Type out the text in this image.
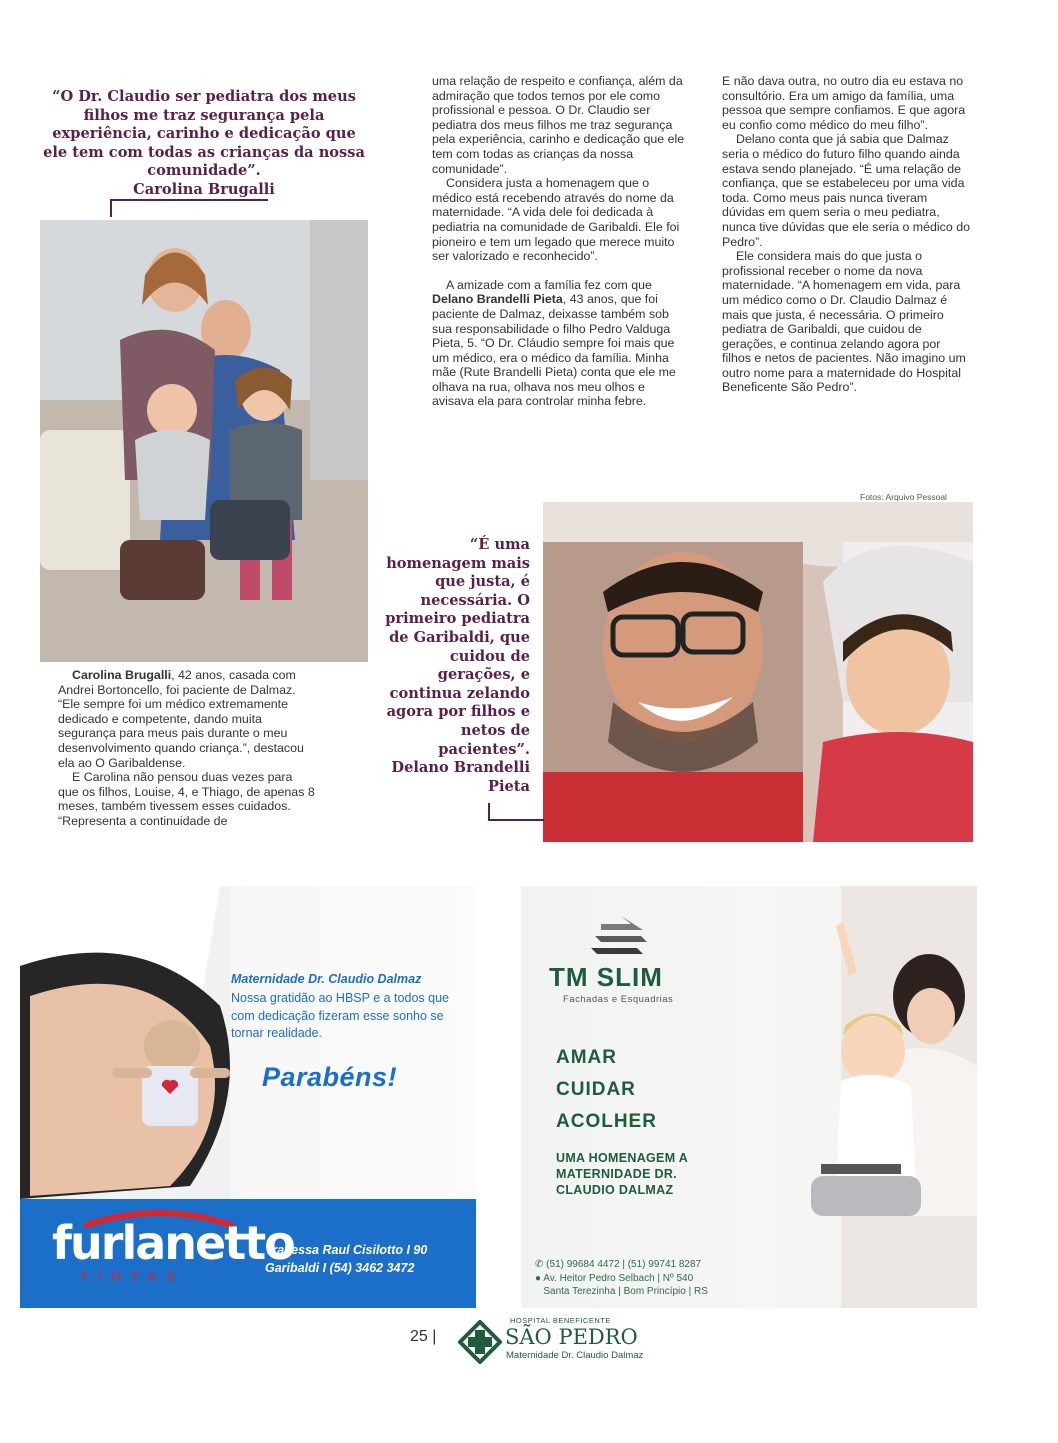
“O Dr. Claudio ser pediatra dos meus filhos me traz segurança pela experiência, carinho e dedicação que ele tem com todas as crianças da nossa comunidade”.
Carolina Brugalli

uma relação de respeito e confiança, além da admiração que todos temos por ele como profissional e pessoa. O Dr. Claudio ser pediatra dos meus filhos me traz segurança pela experiência, carinho e dedicação que ele tem com todas as crianças da nossa comunidade”.

Considera justa a homenagem que o médico está recebendo através do nome da maternidade. “A vida dele foi dedicada à pediatria na comunidade de Garibaldi. Ele foi pioneiro e tem um legado que merece muito ser valorizado e reconhecido”.

A amizade com a família fez com que Delano Brandelli Pieta, 43 anos, que foi paciente de Dalmaz, deixasse também sob sua responsabilidade o filho Pedro Valduga Pieta, 5. “O Dr. Cláudio sempre foi mais que um médico, era o médico da família. Minha mãe (Rute Brandelli Pieta) conta que ele me olhava na rua, olhava nos meu olhos e avisava ela para controlar minha febre.

E não dava outra, no outro dia eu estava no consultório. Era um amigo da família, uma pessoa que sempre confiamos. E que agora eu confio como médico do meu filho”.

Delano conta que já sabia que Dalmaz seria o médico do futuro filho quando ainda estava sendo planejado. “É uma relação de confiança, que se estabeleceu por uma vida toda. Como meus pais nunca tiveram dúvidas em quem seria o meu pediatra, nunca tive dúvidas que ele seria o médico do Pedro”.

Ele considera mais do que justa o profissional receber o nome da nova maternidade. “A homenagem em vida, para um médico como o Dr. Claudio Dalmaz é mais que justa, é necessária. O primeiro pediatra de Garibaldi, que cuidou de gerações, e continua zelando agora por filhos e netos de pacientes. Não imagino um outro nome para a maternidade do Hospital Beneficente São Pedro”.

Carolina Brugalli, 42 anos, casada com Andrei Bortoncello, foi paciente de Dalmaz. “Ele sempre foi um médico extremamente dedicado e competente, dando muita segurança para meus pais durante o meu desenvolvimento quando criança.”, destacou ela ao O Garibaldense.

E Carolina não pensou duas vezes para que os filhos, Louise, 4, e Thiago, de apenas 8 meses, também tivessem esses cuidados. “Representa a continuidade de

Fotos: Arquivo Pessoal
“É uma homenagem mais que justa, é necessária. O primeiro pediatra de Garibaldi, que cuidou de gerações, e continua zelando agora por filhos e netos de pacientes”.
Delano Brandelli Pieta
Maternidade Dr. Claudio Dalmaz
Nossa gratidão ao HBSP e a todos que com dedicação fizeram esse sonho se tornar realidade.
Parabéns!
furlanetto
TINTAS
Travessa Raul Cisilotto I 90
Garibaldi I (54) 3462 3472
TM SLIM
Fachadas e Esquadrias
AMAR
CUIDAR
ACOLHER
UMA HOMENAGEM A MATERNIDADE DR. CLAUDIO DALMAZ
✆ (51) 99684 4472 | (51) 99741 8287
● Av. Heitor Pedro Selbach | Nº 540
Santa Terezinha | Bom Princípio | RS
25 |
HOSPITAL BENEFICENTE
SÃO PEDRO
Maternidade Dr. Claudio Dalmaz
